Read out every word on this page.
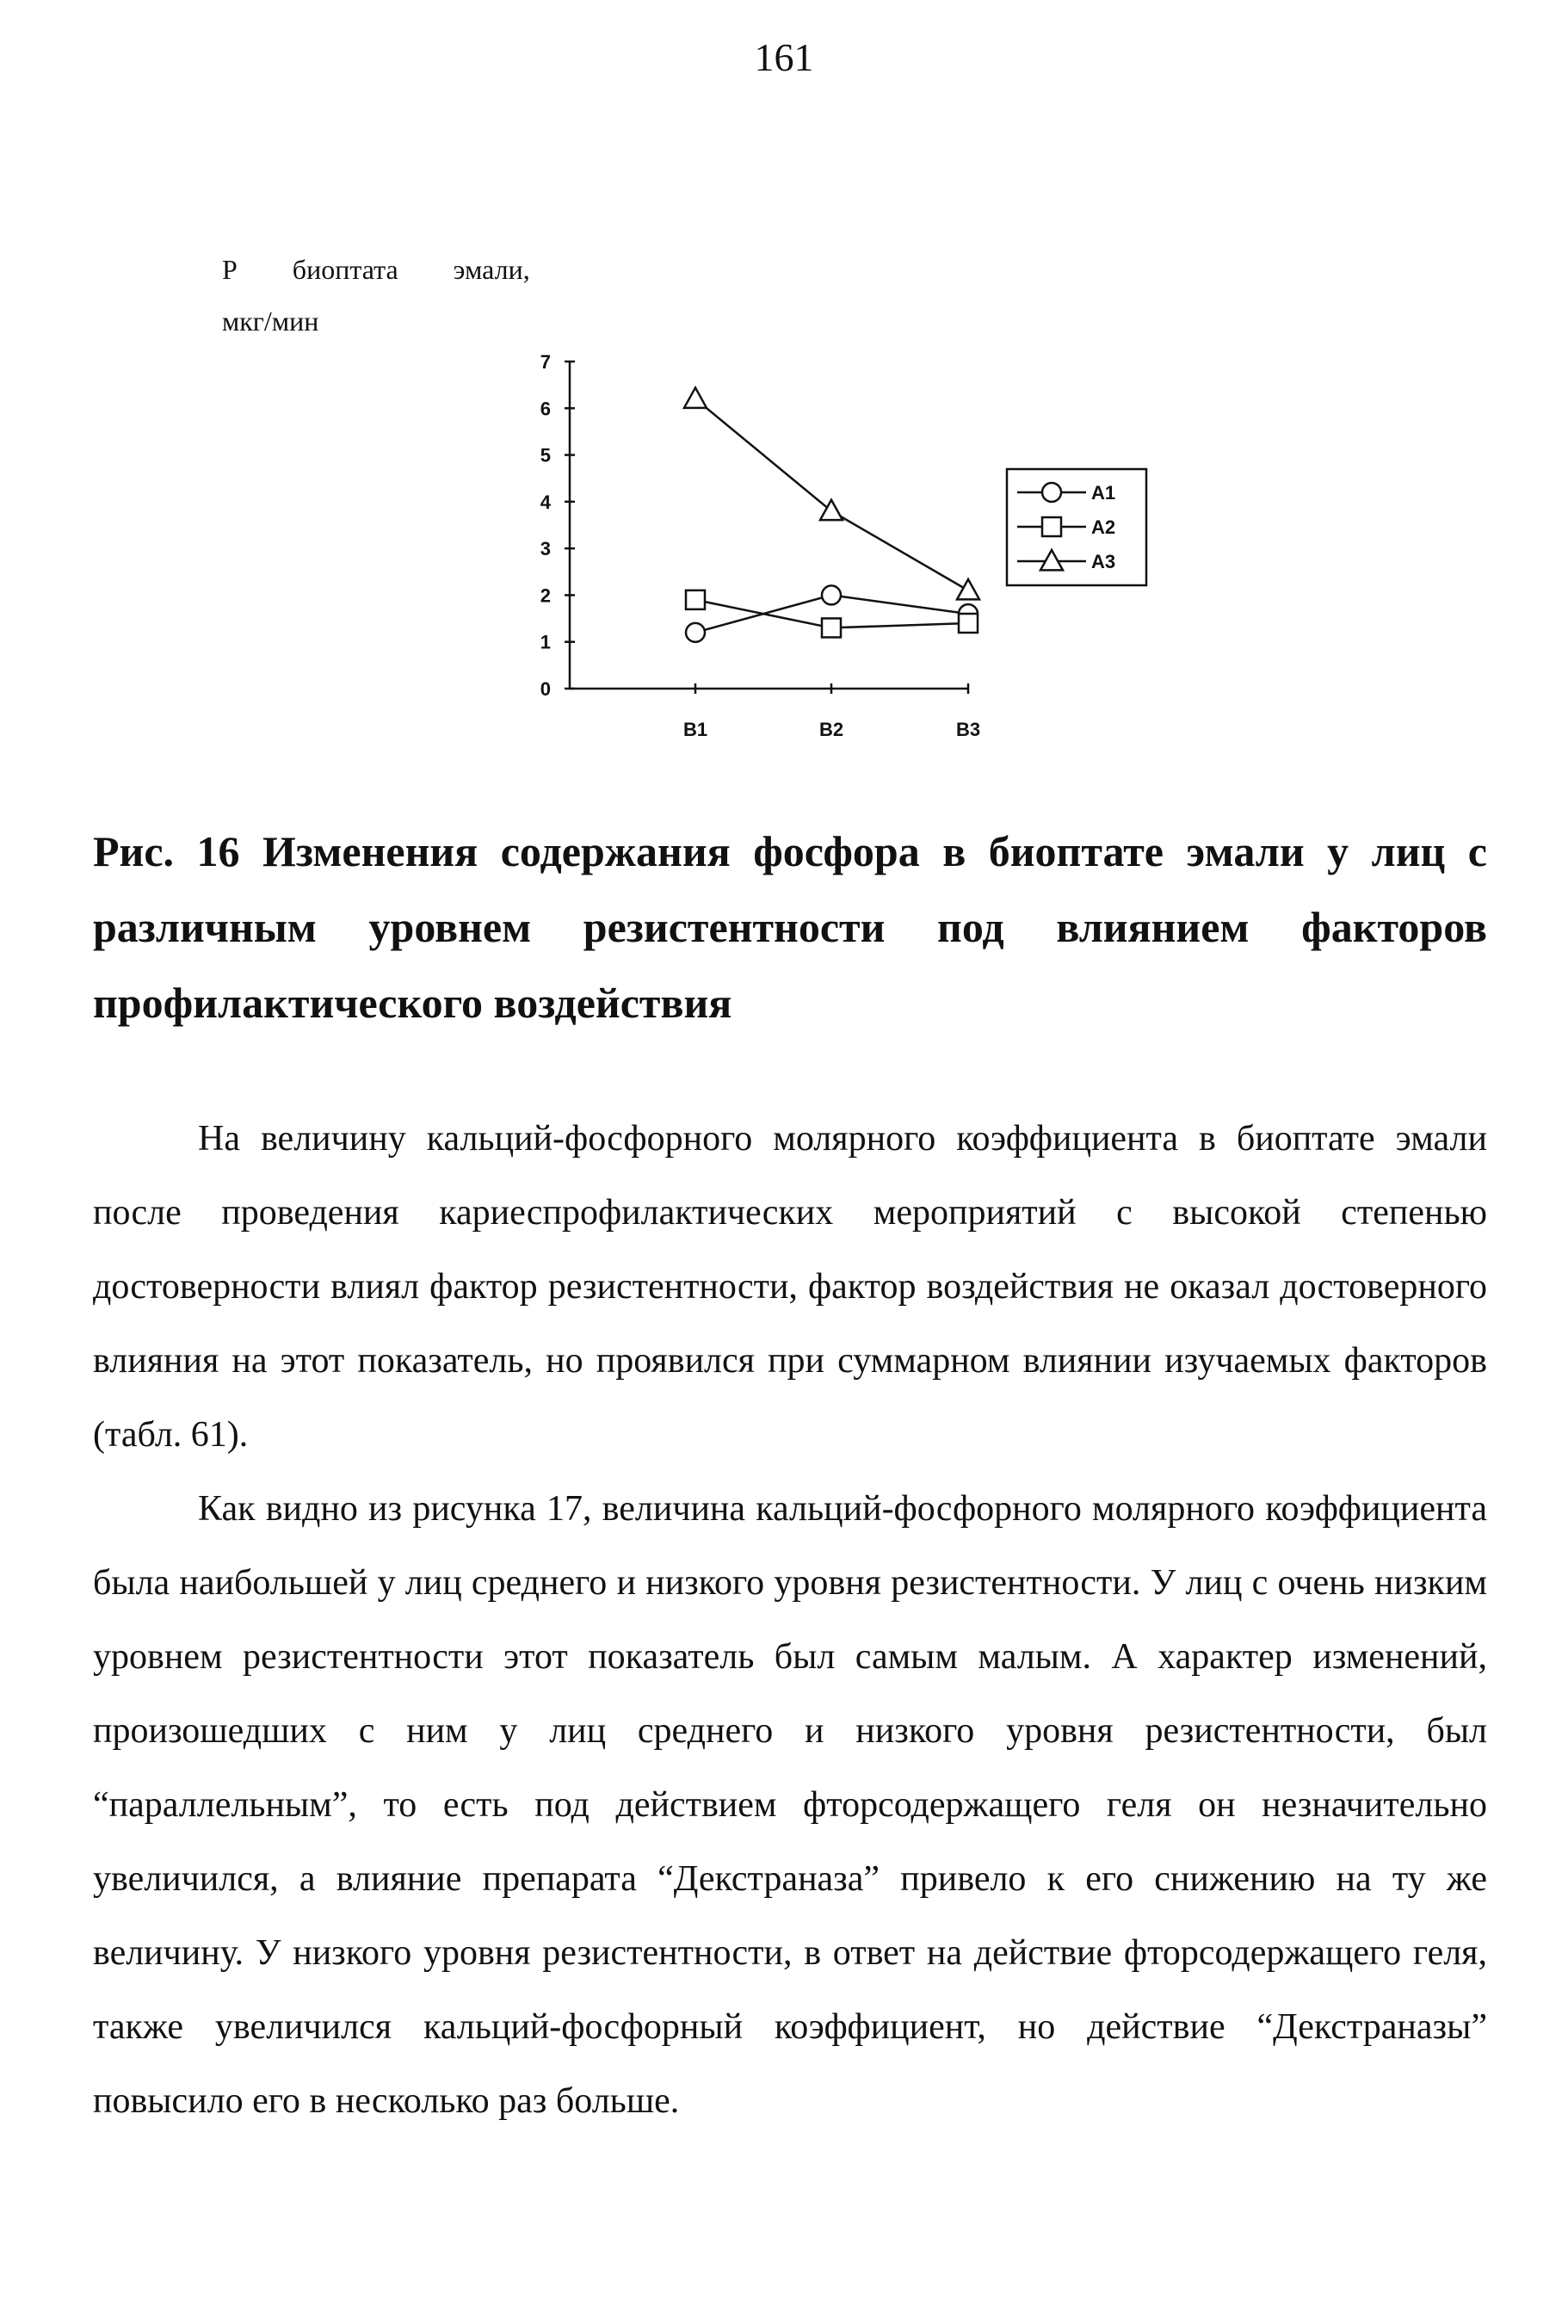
161
Р        биоптата        эмали,
мкг/мин
0
1
2
3
4
5
6
7
B1	B2	B3
A1
A2
A3
Рис. 16 Изменения содержания фосфора в биоптате эмали у лиц с различным уровнем резистентности под влиянием факторов профилактического воздействия

На величину кальций-фосфорного молярного коэффициента в биоптате эмали после проведения кариеспрофилактических мероприятий с высокой степенью достоверности влиял фактор резистентности, фактор воздействия не оказал достоверного влияния на этот показатель, но проявился при суммарном влиянии изучаемых факторов (табл. 61).

Как видно из рисунка 17, величина кальций-фосфорного молярного коэффициента была наибольшей у лиц среднего и низкого уровня резистентности. У лиц с очень низким уровнем резистентности этот показатель был самым малым. А характер изменений, произошедших с ним у лиц среднего и низкого уровня резистентности, был “параллельным”, то есть под действием фторсодержащего геля он незначительно увеличился, а влияние препарата “Декстраназа” привело к его снижению на ту же величину. У низкого уровня резистентности, в ответ на действие фторсодержащего геля, также увеличился кальций-фосфорный коэффициент, но действие “Декстраназы” повысило его в несколько раз больше.
